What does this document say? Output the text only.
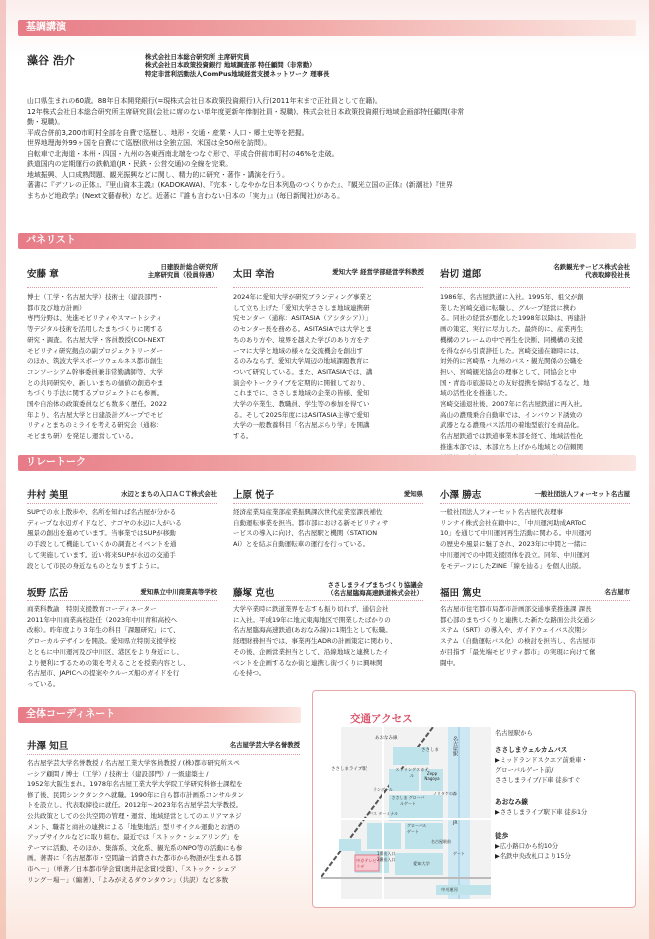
基調講演
藻谷 浩介	株式会社日本総合研究所 主席研究員
株式会社日本政策投資銀行 地域調査部 特任顧問（非常勤）
特定非営利活動法人ComPus地域経営支援ネットワーク 理事長

山口県生まれの60歳。88年日本開発銀行(=現株式会社日本政策投資銀行)入行(2011年末まで正社員として在籍)。

12年株式会社日本総合研究所主席研究員(会社に席のない単年度更新年俸制社員・現職)、株式会社日本政策投資銀行地域企画部特任顧問(非常

勤・現職)。

平成合併前3,200市町村全部を自費で巡歴し、地形・交通・産業・人口・郷土史等を把握。

世界地理海外99ヶ国を自費にて巡歴(欧州は全独立国、米国は全50州を訪問）。

自転車で北海道・本州・四国・九州の各東西南北端をつなぐ形で、平成合併前市町村の46%を走破。

鉄道国内の定期運行の鉄軌道(JR・民鉄・公営交通)の全線を完乗。

地域振興、人口成熟問題、観光振興などに関し、精力的に研究・著作・講演を行う。

著書に『デフレの正体』、『里山資本主義』(KADOKAWA)、『完本・しなやかな日本列島のつくりかた』、『観光立国の正体』(新潮社)『世界

まちかど地政学』(Next文藝春秋）など。近著に『誰も言わない日本の「実力」』(毎日新聞社)がある。

パネリスト
安藤 章
日建設計総合研究所
主席研究員（役員待遇）

博士（工学・名古屋大学）技術士（建設部門・

都市及び地方計画）

専門分野は、先進モビリティやスマートシティ

等デジタル技術を活用したまちづくりに関する

研究・調査。名古屋大学・客員教授(COI-NEXT

モビリティ研究拠点の副プロジェクトリーダー

のほか、筑波大学スポーツウェルネス都市創生

コンソーシアム幹事委員兼非常勤講師等、大学

との共同研究や、新しいまちの価値の創造やま

ちづくり手法に関するプロジェクトにも参画。

国や自治体の政策委員なども数多く歴任。2022

年より、名古屋大学と日建設計グループでモビ

リティとまちのミライを考える研究会（通称：

モビまち研）を発足し運営している。

太田 幸治	愛知大学 経営学部経営学科教授

2024年に愛知大学が研究ブランディング事業と

して立ち上げた「愛知大学ささしま地域連携研

究センター（通称：ASITASIA（アシタシア））」

のセンター長を務める。ASITASIAでは大学とま

ちのあり方や、境界を越えた学びのあり方をテ

ーマに大学と地域の様々な交流機会を創出す

るのみならず、愛知大学周辺の地域課題教育に

ついて研究している。また、ASITASIAでは、講

演会やトークライブを定期的に開催しており、

これまでに、ささしま地域の企業の皆様、愛知

大学の卒業生、教職員、学生等の参加を得てい

る。そして2025年度にはASITASIA主導で愛知

大学の一般教養科目「名古屋ぶらり学」を開講

する。

岩切 道郎
名鉄観光サービス株式会社
代表取締役社長

1986年、名古屋鉄道に入社。1995年、祖父が創

業した宮崎交通に転職し、グループ経営に携わ

る。同社の経営が悪化した1998年以降は、再建計

画の策定、実行に尽力した。最終的に、産業再生

機構のフレームの中で再生を決断、同機構の支援

を得ながら引責辞任した。宮崎交通在籍時には、

対外的に宮崎県・九州のバス・観光関係の公職を

担い、宮崎観光協会の理事として、同協会と中

国・青島市旅游局との友好提携を締結するなど、地

域の活性化を推進した。

宮崎交通退社後、2007年に名古屋鉄道に再入社。

高山の濃飛乗合自動車では、インバウンド誘致の

武器となる濃飛バス活用の着地型旅行を商品化。

名古屋鉄道では鉄道事業本部を経て、地域活性化

推進本部では、本部立ち上げから地域との信頼関

リレートーク
井村 美里	水辺とまちの入口ＡＣＴ株式会社

SUPでの水上散歩や、名所を知れば名古屋が分かる

ディープな水辺ガイドなど、ナゴヤの水辺に人がいる

風景の創出を進めています。当事業ではSUPが移動

の手段として機能していくかの調査とイベントを通

して実施しています。近い将来SUPが水辺の交通手

段として市民の身近なものとなりますように。

上原 悦子	愛知県

経済産業局産業部産業振興課次世代産業室課長補佐

自動運転事業を担当。都市部における新モビリティサ

ービスの導入に向け、名古屋駅と機関（STATION

Ai）とを結ぶ自動運転車の運行を行っている。

小澤 勝志	一般社団法人フォーセット名古屋

一般社団法人フォーセット名古屋代表理事

リンナイ株式会社在籍中に、「中川運河助成ARToC

10」を通じて中川運河再生活動に関わる。中川運河

の歴史や風景に魅了され、2023年に中間と一緒に

中川運河での中間支援団体を設立。同年、中川運河

をモデーフにしたZINE「線を辿る」を個人出版。

坂野 広岳	愛知県立中川商業高等学校

商業科教諭　特別支援教育コーディネーター

2011年中川商業高校赴任（2023年中川青和高校へ

改称）。昨年度より３年生の科目「課題研究」にて、

グローカルデザインを開設。愛知県立特別支援学校

とともに中川運河及び中川区、港区をより身近にし、

より便利にするための策を考えることを授業内容とし、

名古屋市、JAPICへの提案やクルーズ船のガイドを行

っている。

藤塚 克也
ささしまライブまちづくり協議会
（名古屋臨海高速鉄道株式会社）

大学卒業時に鉄道業界を志すも振り切れず、通信会社

に入社。平成19年に地元東海地区で開業したばかりの

名古屋臨海高速鉄道(あおなみ線)に1期生として転職。

経理財務担当では、事業再生ADRの計画策定に関わり、

その後、企画営業担当として、沿線地域と連携したイ

ベントを企画するなか街と連携し街づくりに興味関

心を持つ。

福田 篤史	名古屋市

名古屋市住宅都市局都市計画部交通事業推進課 課長

都心部のまちづくりと連携した新たな路面公共交通シ

ステム（SRT）の導入や、ガイドウェイバス次期シ

ステム（自動運転バス化）の検討を担当し、名古屋市

が目指す「最先端モビリティ都市」の実現に向けて奮

闘中。

全体コーディネート
井澤 知旦	名古屋学芸大学名誉教授

名古屋学芸大学名誉教授 / 名古屋工業大学客員教授 / (株)都市研究所スペ

ーシア顧問 / 博士（工学）/ 技術士（建設部門）/ 一級建築士 /

1952年大阪生まれ。1978年名古屋工業大学大学院工学研究科修士課程を

修了後、民間シンクタンクへ就職。1990年に自ら都市計画系コンサルタン

トを設立し、代表取締役に就任。2012年～2023年名古屋学芸大学教授。

公共政策としての公共空間の管理・運営、地域経営としてのエリアマネジ

メント、職者と商社の連携による「地集地活」型リサイクル運動とお酒の

アップサイクルなどに取り組む。最近では「ストック・シェアリング」を

テーマに活動、そのほか、集落系、文化系、観光系のNPO等の活動にも参

画。著書に「名古屋都市・空間論－消費された都市から物語が生まれる都

市へ－」（単著／日本都市学会賞(奥井記念賞)受賞）、「ストック・シェア

リング－場－」（編著）、「よみがえるダウンタウン」（共訳）など多数

交通アクセス
あおなみ線
ささしまライブ駅
ささしま
ストリングスホテル
名古屋駅
JR
Zepp Nagoya
ささしま グローバルゲート
ランボール
ノリタケの森
グローバル
ゲート
バス ターミナル
愛知大学
中京テレビ プラザ
1番出入口
2番出入口
名古屋駅前
中川運河
ゲート
名古屋駅から
ささしまウェルカムバス
▶ミッドランドスクエア前乗車・
グローバルゲート前/
ささしまライブ/下車 徒歩すぐ
あおなみ線
▶ささしまライブ駅下車 徒歩1分
徒歩
▶広小路口から約10分
▶名鉄中央改札口より15分
